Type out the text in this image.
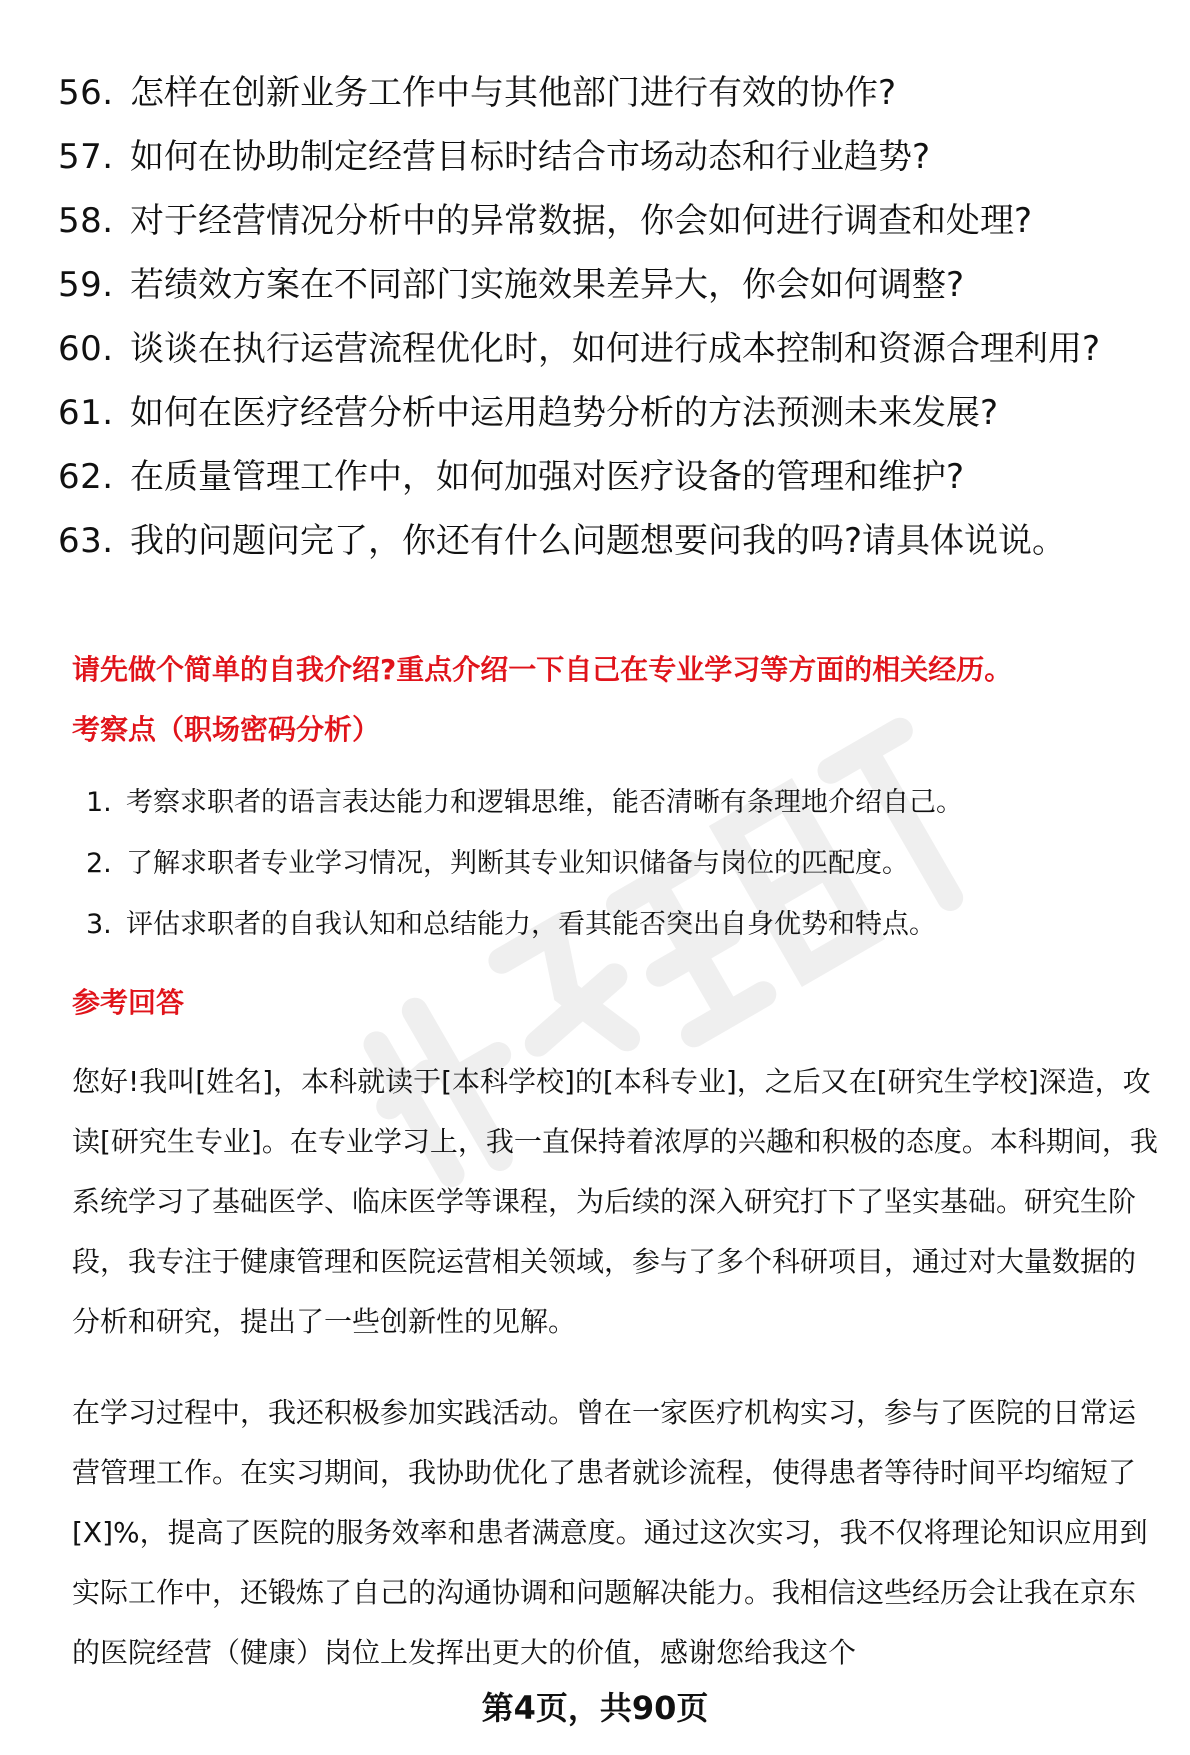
56. 怎样在创新业务工作中与其他部门进行有效的协作?
57. 如何在协助制定经营目标时结合市场动态和行业趋势?
58. 对于经营情况分析中的异常数据，你会如何进行调查和处理?
59. 若绩效方案在不同部门实施效果差异大，你会如何调整?
60. 谈谈在执行运营流程优化时，如何进行成本控制和资源合理利用?
61. 如何在医疗经营分析中运用趋势分析的方法预测未来发展?
62. 在质量管理工作中，如何加强对医疗设备的管理和维护?
63. 我的问题问完了，你还有什么问题想要问我的吗?请具体说说。
请先做个简单的自我介绍?重点介绍一下自己在专业学习等方面的相关经历。
考察点（职场密码分析）
1. 考察求职者的语言表达能力和逻辑思维，能否清晰有条理地介绍自己。
2. 了解求职者专业学习情况，判断其专业知识储备与岗位的匹配度。
3. 评估求职者的自我认知和总结能力，看其能否突出自身优势和特点。
参考回答

您好!我叫[姓名]，本科就读于[本科学校]的[本科专业]，之后又在[研究生学校]深造，攻读[研究生专业]。在专业学习上，我一直保持着浓厚的兴趣和积极的态度。本科期间，我系统学习了基础医学、临床医学等课程，为后续的深入研究打下了坚实基础。研究生阶段，我专注于健康管理和医院运营相关领域，参与了多个科研项目，通过对大量数据的分析和研究，提出了一些创新性的见解。

在学习过程中，我还积极参加实践活动。曾在一家医疗机构实习，参与了医院的日常运营管理工作。在实习期间，我协助优化了患者就诊流程，使得患者等待时间平均缩短了[X]%，提高了医院的服务效率和患者满意度。通过这次实习，我不仅将理论知识应用到实际工作中，还锻炼了自己的沟通协调和问题解决能力。我相信这些经历会让我在京东的医院经营（健康）岗位上发挥出更大的价值，感谢您给我这个

第4页，共90页
